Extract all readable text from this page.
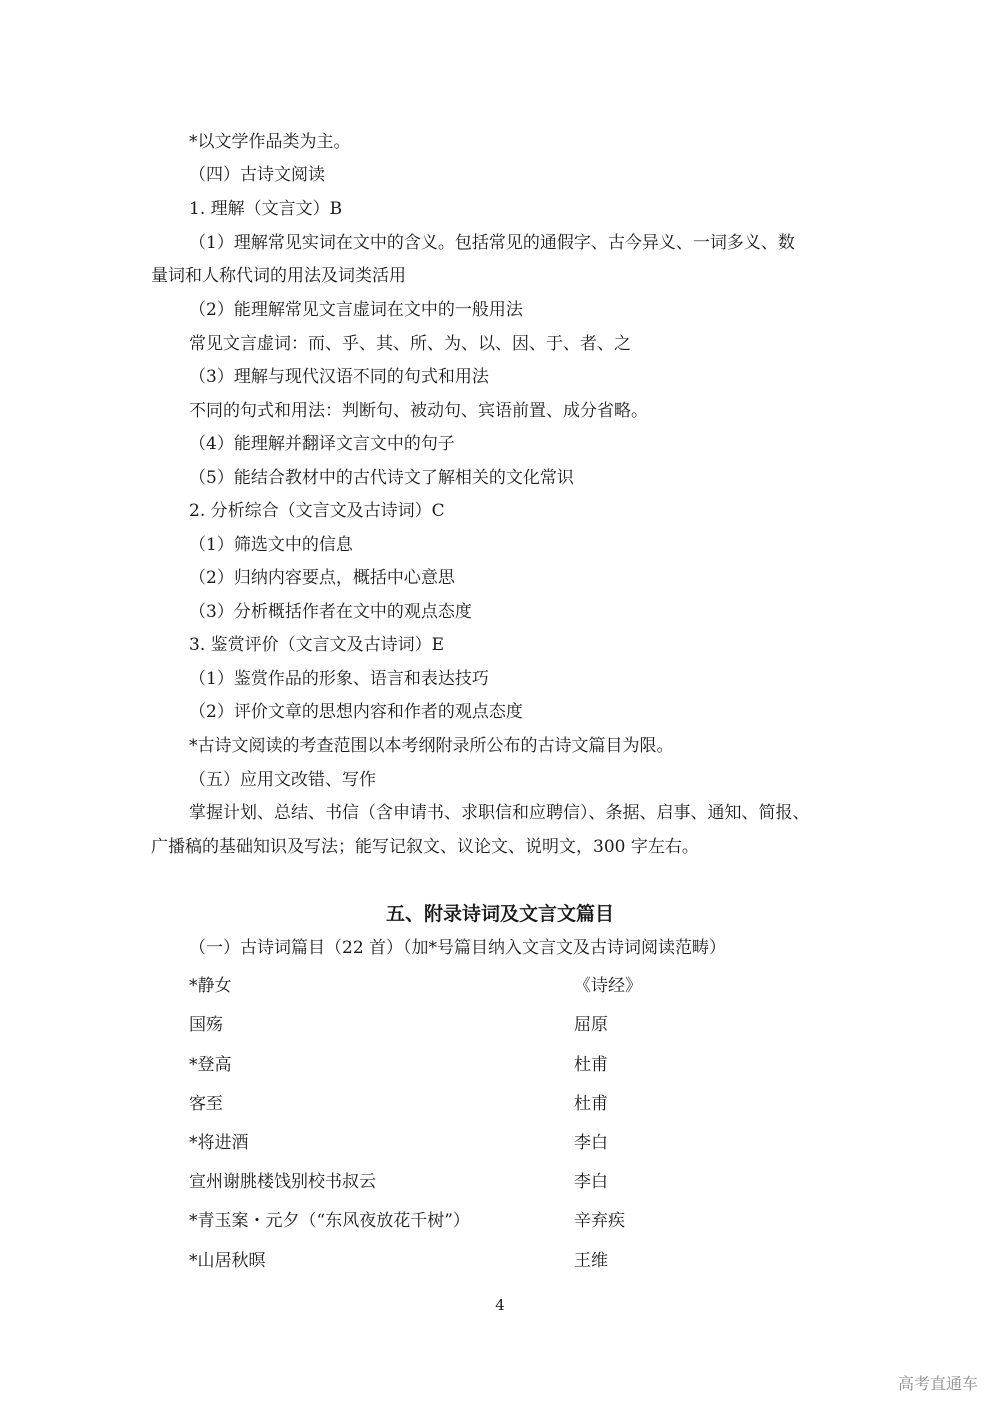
*以文学作品类为主。
（四）古诗文阅读
1. 理解（文言文）B
（1）理解常见实词在文中的含义。包括常见的通假字、古今异义、一词多义、数
量词和人称代词的用法及词类活用
（2）能理解常见文言虚词在文中的一般用法
常见文言虚词：而、乎、其、所、为、以、因、于、者、之
（3）理解与现代汉语不同的句式和用法
不同的句式和用法：判断句、被动句、宾语前置、成分省略。
（4）能理解并翻译文言文中的句子
（5）能结合教材中的古代诗文了解相关的文化常识
2. 分析综合（文言文及古诗词）C
（1）筛选文中的信息
（2）归纳内容要点，概括中心意思
（3）分析概括作者在文中的观点态度
3. 鉴赏评价（文言文及古诗词）E
（1）鉴赏作品的形象、语言和表达技巧
（2）评价文章的思想内容和作者的观点态度
*古诗文阅读的考查范围以本考纲附录所公布的古诗文篇目为限。
（五）应用文改错、写作
掌握计划、总结、书信（含申请书、求职信和应聘信）、条据、启事、通知、简报、
广播稿的基础知识及写法；能写记叙文、议论文、说明文，300 字左右。
五、附录诗词及文言文篇目
（一）古诗词篇目（22 首）（加*号篇目纳入文言文及古诗词阅读范畴）
*静女	《诗经》
国殇	屈原
*登高	杜甫
客至	杜甫
*将进酒	李白
宣州谢朓楼饯别校书叔云	李白
*青玉案・元夕（“东风夜放花千树”）	辛弃疾
*山居秋暝	王维
4
高考直通车
